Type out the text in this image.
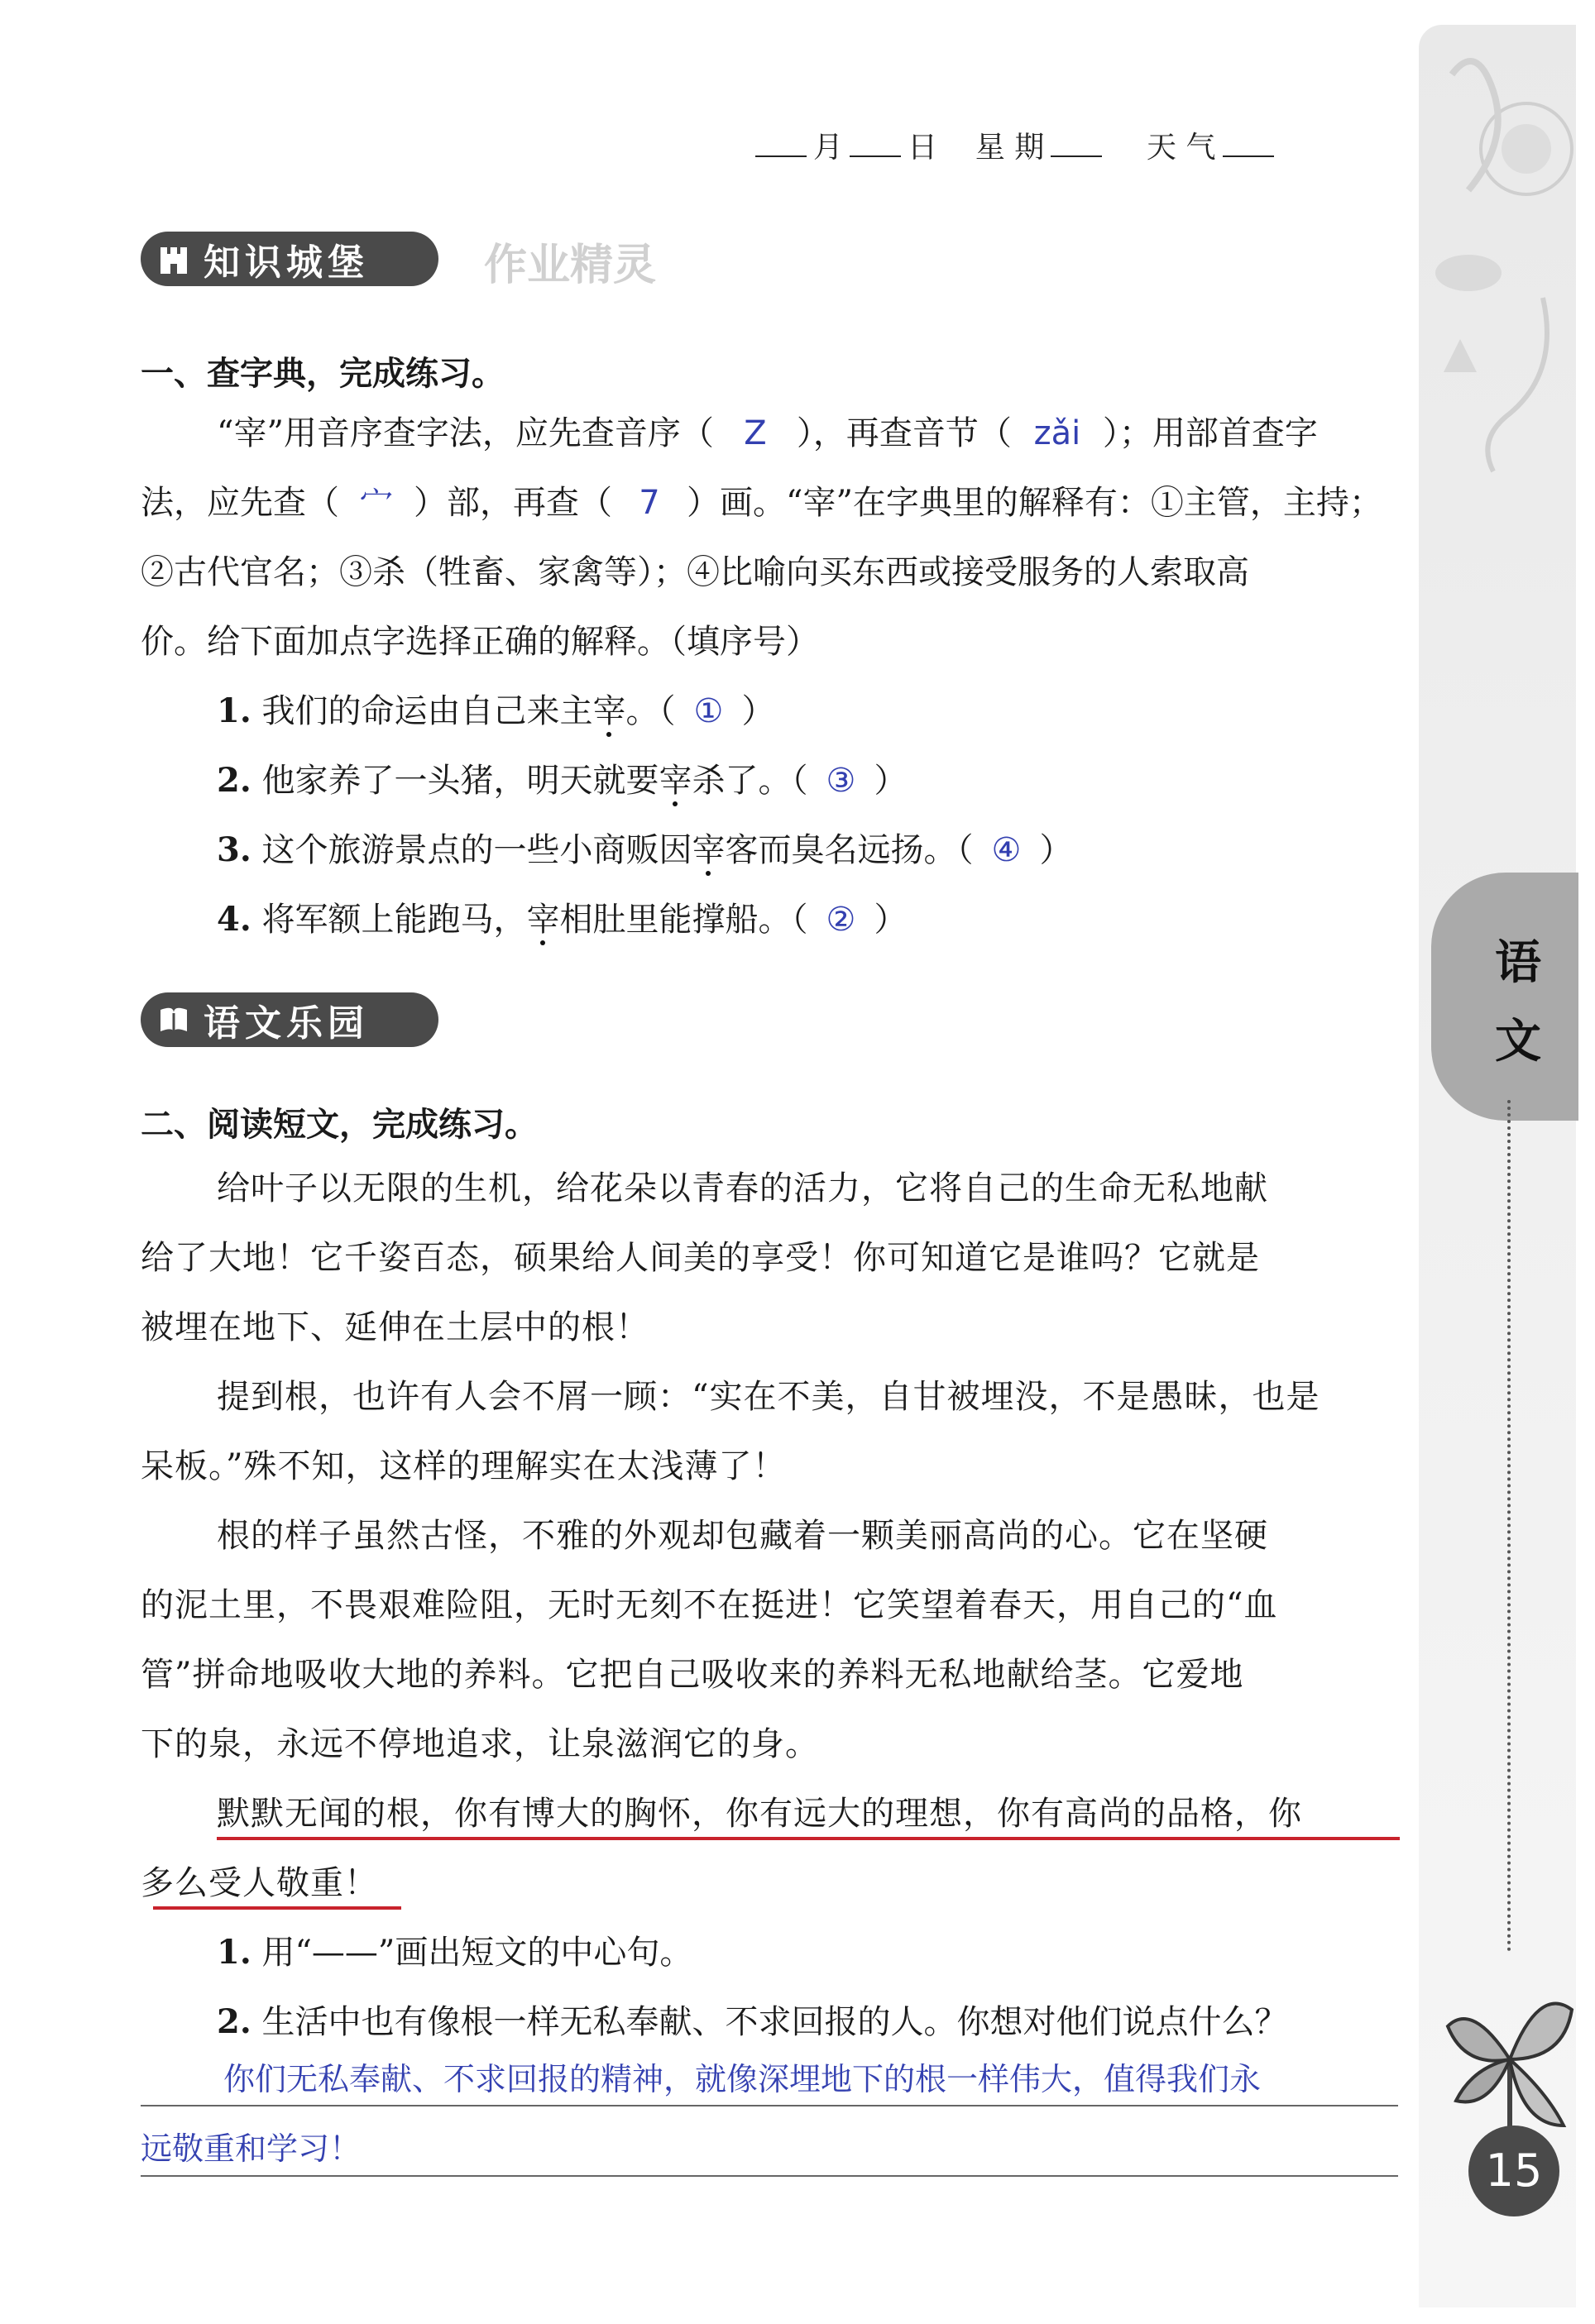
语
文
15
月 日 星 期	天 气
知识城堡	作业精灵
一、查字典，完成练习。
“宰”用音序查字法，应先查音序（ Z ），再查音节（ zǎi ）；用部首查字
法，应先查（ 宀 ）部，再查（ 7 ）画。“宰”在字典里的解释有：①主管，主持；
②古代官名；③杀（牲畜、家禽等）；④比喻向买东西或接受服务的人索取高
价。给下面加点字选择正确的解释。（填序号）
1. 我们的命运由自己来主宰。（ ① ）
2. 他家养了一头猪，明天就要宰杀了。（ ③ ）
3. 这个旅游景点的一些小商贩因宰客而臭名远扬。（ ④ ）
4. 将军额上能跑马，宰相肚里能撑船。（ ② ）
语文乐园
二、阅读短文，完成练习。
给叶子以无限的生机，给花朵以青春的活力，它将自己的生命无私地献
给了大地！它千姿百态，硕果给人间美的享受！你可知道它是谁吗？它就是
被埋在地下、延伸在土层中的根！
提到根，也许有人会不屑一顾：“实在不美，自甘被埋没，不是愚昧，也是
呆板。”殊不知，这样的理解实在太浅薄了！
根的样子虽然古怪，不雅的外观却包藏着一颗美丽高尚的心。它在坚硬
的泥土里，不畏艰难险阻，无时无刻不在挺进！它笑望着春天，用自己的“血
管”拼命地吸收大地的养料。它把自己吸收来的养料无私地献给茎。它爱地
下的泉，永远不停地追求，让泉滋润它的身。
默默无闻的根，你有博大的胸怀，你有远大的理想，你有高尚的品格，你
多么受人敬重！
1. 用“——”画出短文的中心句。
2. 生活中也有像根一样无私奉献、不求回报的人。你想对他们说点什么？
你们无私奉献、不求回报的精神，就像深埋地下的根一样伟大，值得我们永
远敬重和学习！
